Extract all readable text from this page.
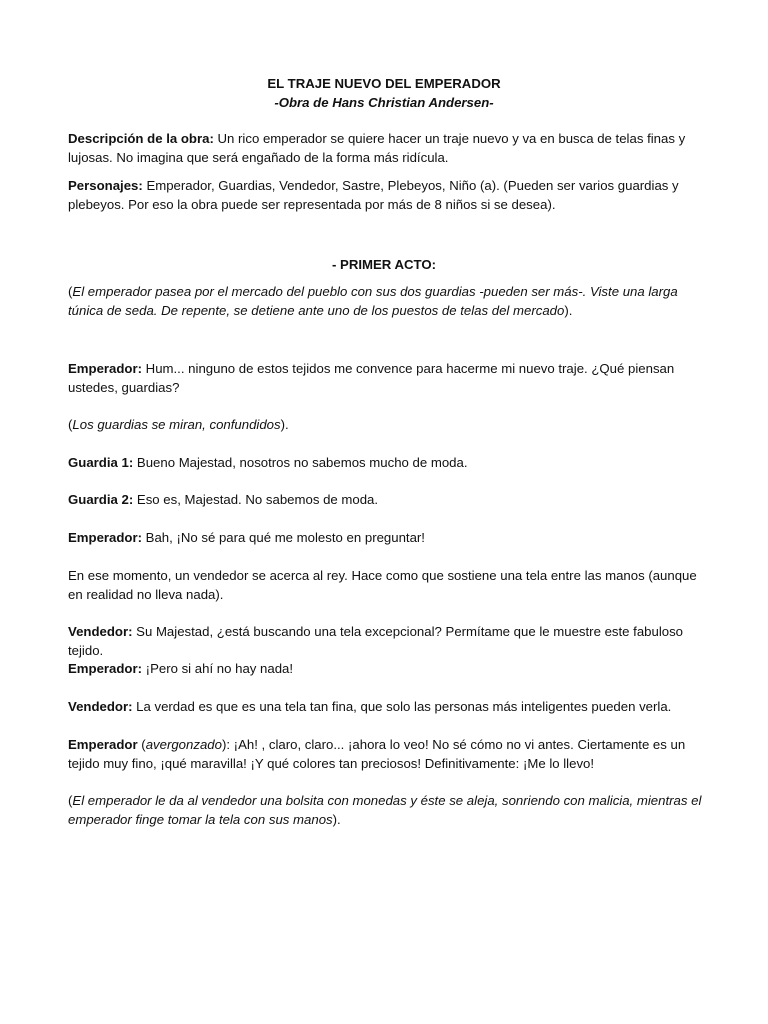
EL TRAJE NUEVO DEL EMPERADOR

-Obra de Hans Christian Andersen-

Descripción de la obra: Un rico emperador se quiere hacer un traje nuevo y va en busca de telas finas y lujosas. No imagina que será engañado de la forma más ridícula.

Personajes: Emperador, Guardias, Vendedor, Sastre, Plebeyos, Niño (a). (Pueden ser varios guardias y plebeyos. Por eso la obra puede ser representada por más de 8 niños si se desea).

- PRIMER ACTO:

(El emperador pasea por el mercado del pueblo con sus dos guardias -pueden ser más-. Viste una larga túnica de seda. De repente, se detiene ante uno de los puestos de telas del mercado).

Emperador: Hum... ninguno de estos tejidos me convence para hacerme mi nuevo traje. ¿Qué piensan ustedes, guardias?

(Los guardias se miran, confundidos).

Guardia 1: Bueno Majestad, nosotros no sabemos mucho de moda.

Guardia 2: Eso es, Majestad. No sabemos de moda.

Emperador: Bah, ¡No sé para qué me molesto en preguntar!

En ese momento, un vendedor se acerca al rey. Hace como que sostiene una tela entre las manos (aunque en realidad no lleva nada).

Vendedor: Su Majestad, ¿está buscando una tela excepcional? Permítame que le muestre este fabuloso tejido.

Emperador: ¡Pero si ahí no hay nada!

Vendedor: La verdad es que es una tela tan fina, que solo las personas más inteligentes pueden verla.

Emperador (avergonzado): ¡Ah! , claro, claro... ¡ahora lo veo! No sé cómo no vi antes. Ciertamente es un tejido muy fino, ¡qué maravilla! ¡Y qué colores tan preciosos! Definitivamente: ¡Me lo llevo!

(El emperador le da al vendedor una bolsita con monedas y éste se aleja, sonriendo con malicia, mientras el emperador finge tomar la tela con sus manos).
